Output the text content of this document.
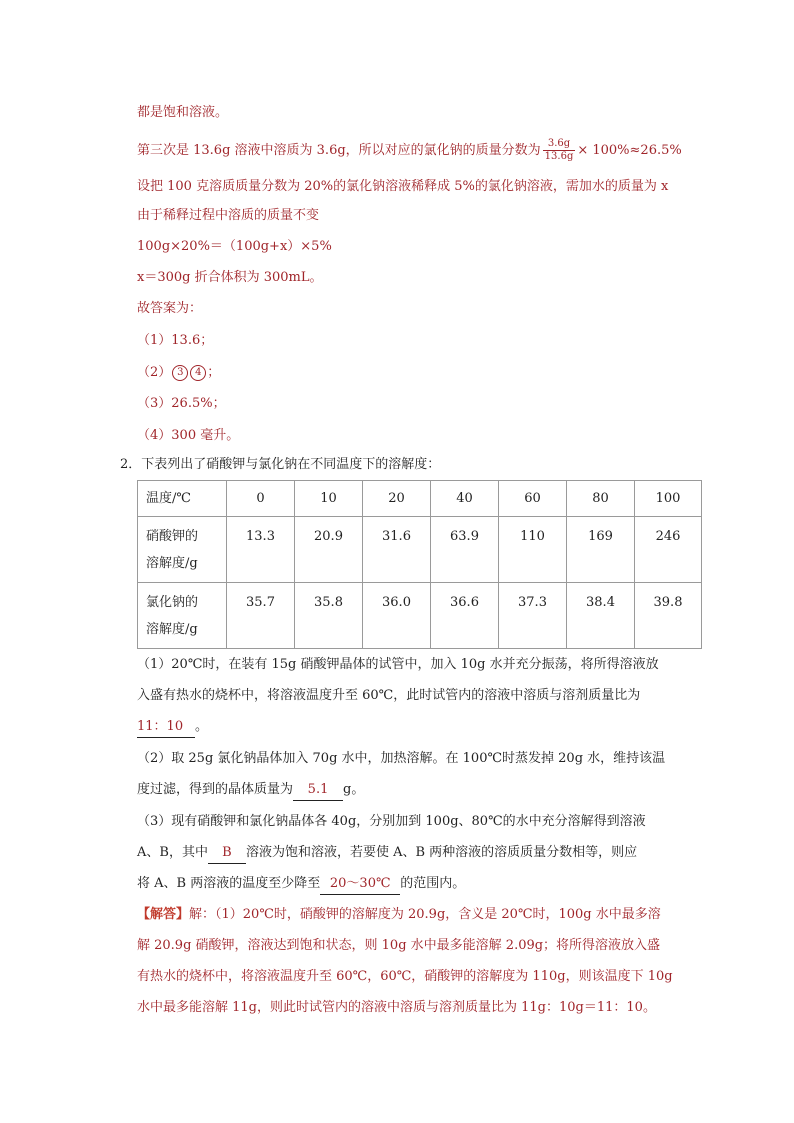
都是饱和溶液。
第三次是 13.6g 溶液中溶质为 3.6g，所以对应的氯化钠的质量分数为 $\frac{3.6g}{13.6g} \times 100\%\approx 26.5\%$
设把 100 克溶质质量分数为 20%的氯化钠溶液稀释成 5%的氯化钠溶液，需加水的质量为 x
由于稀释过程中溶质的质量不变
100g×20%＝（100g+x）×5%
x＝300g 折合体积为 300mL。
故答案为：
（1）13.6；
（2） 3 4 ；
（3）26.5%；
（4）300 毫升。
2．下表列出了硝酸钾与氯化钠在不同温度下的溶解度：
温度/℃	0	10	20	40	60	80	100
硝酸钾的
溶解度/g	13.3	20.9	31.6	63.9	110	169	246
氯化钠的
溶解度/g	35.7	35.8	36.0	36.6	37.3	38.4	39.8
（1）20℃时，在装有 15g 硝酸钾晶体的试管中，加入 10g 水并充分振荡，将所得溶液放
入盛有热水的烧杯中，将溶液温度升至 60℃，此时试管内的溶液中溶质与溶剂质量比为
11：10 。
（2）取 25g 氯化钠晶体加入 70g 水中，加热溶解。在 100℃时蒸发掉 20g 水，维持该温
度过滤，得到的晶体质量为 5.1 g。
（3）现有硝酸钾和氯化钠晶体各 40g，分别加到 100g、80℃的水中充分溶解得到溶液
A、B，其中 B 溶液为饱和溶液，若要使 A、B 两种溶液的溶质质量分数相等，则应
将 A、B 两溶液的温度至少降至 20～30℃ 的范围内。
【解答】解：（1）20℃时，硝酸钾的溶解度为 20.9g，含义是 20℃时，100g 水中最多溶
解 20.9g 硝酸钾，溶液达到饱和状态，则 10g 水中最多能溶解 2.09g；将所得溶液放入盛
有热水的烧杯中，将溶液温度升至 60℃，60℃，硝酸钾的溶解度为 110g，则该温度下 10g
水中最多能溶解 11g，则此时试管内的溶液中溶质与溶剂质量比为 11g：10g＝11：10。
